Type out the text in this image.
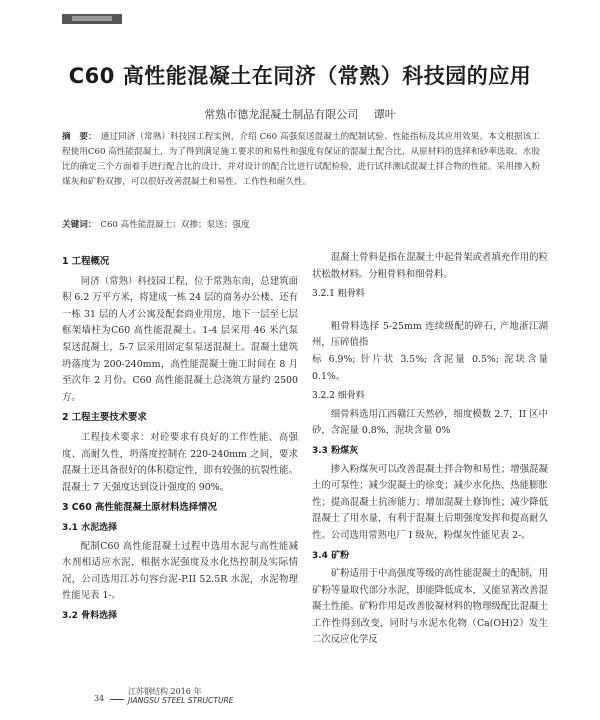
C60 高性能混凝土在同济（常熟）科技园的应用
常熟市德龙混凝土制品有限公司 谭叶
摘　要： 通过同济（常熟）科技园工程实例，介绍 C60 高强泵送混凝土的配制试验、性能指标及其应用效果。本文根据该工程使用C60 高性能混凝土，为了得到满足施工要求的和易性和强度有保证的混凝土配合比，从原材料的选择和砂率选取、水胶比的确定三个方面着手进行配合比的设计，并对设计的配合比进行试配检验，进行试拌测试混凝土拌合物的性能。采用掺入粉煤灰和矿粉双掺，可以很好改善混凝土和易性、工作性和耐久性。
关键词： C60 高性能混凝土；双掺；泵送；强度
1 工程概况

同济（常熟）科技园工程，位于常熟东南，总建筑面积 6.2 万平方米，将建成一栋 24 层的商务办公楼、还有一栋 31 层的人才公寓及配套商业用房，地下一层至七层框架墙柱为C60 高性能混凝土。1-4 层采用 46 米汽泵泵送混凝土，5-7 层采用固定泵泵送混凝土。混凝土建筑坍落度为 200-240mm，高性能混凝土施工时间在 8 月至次年 2 月份。C60 高性能混凝土总浇筑方量约 2500 方。

2 工程主要技术要求

工程技术要求：对砼要求有良好的工作性能、高强度、高耐久性，坍落度控制在 220-240mm 之间，要求混凝土还具备很好的体积稳定性，即有较强的抗裂性能。混凝土 7 天强度达到设计强度的 90%。

3 C60 高性能混凝土原材料选择情况
3.1 水泥选择

配制C60 高性能混凝土过程中选用水泥与高性能减水剂相适应水泥，根据水泥强度及水化热控制及实际情况，公司选用江苏句容台泥-P.II 52.5R 水泥，水泥物理性能见表 1-。

3.2 骨料选择

混凝土骨料是指在混凝土中起骨架或者填充作用的粒状松散材料。分粗骨料和细骨料。

3.2.1 粗骨料

粗骨料选择 5-25mm 连续级配的碎石, 产地浙江湖州，压碎值指

标 6.9%; 针片状 3.5%; 含泥量 0.5%; 泥块含量 0.1%。

3.2.2 细骨料

细骨料选用江西赣江天然砂，细度模数 2.7，II 区中砂，含泥量 0.8%，泥块含量 0%

3.3 粉煤灰

掺入粉煤灰可以改善混凝土拌合物和易性；增强混凝土的可泵性；减少混凝土的徐变；减少水化热、热能膨胀性；提高混凝土抗渗能力；增加混凝土修饰性；减少降低混凝土了用水量，有利于混凝土后期强度发挥和提高耐久性。公司选用常熟电厂 I 级灰，粉煤灰性能见表 2-。

3.4 矿粉

矿粉适用于中高强度等级的高性能混凝土的配制，用矿粉等量取代部分水泥，即能降低成本，又能显著改善混凝土性能。矿粉作用是改善胶凝材料的物理级配比混凝土工作性得到改变，同时与水泥水化物（Ca(OH)2）发生二次反应化学反

34
江苏钢结构 2016 年
JIANGSU STEEL STRUCTURE
